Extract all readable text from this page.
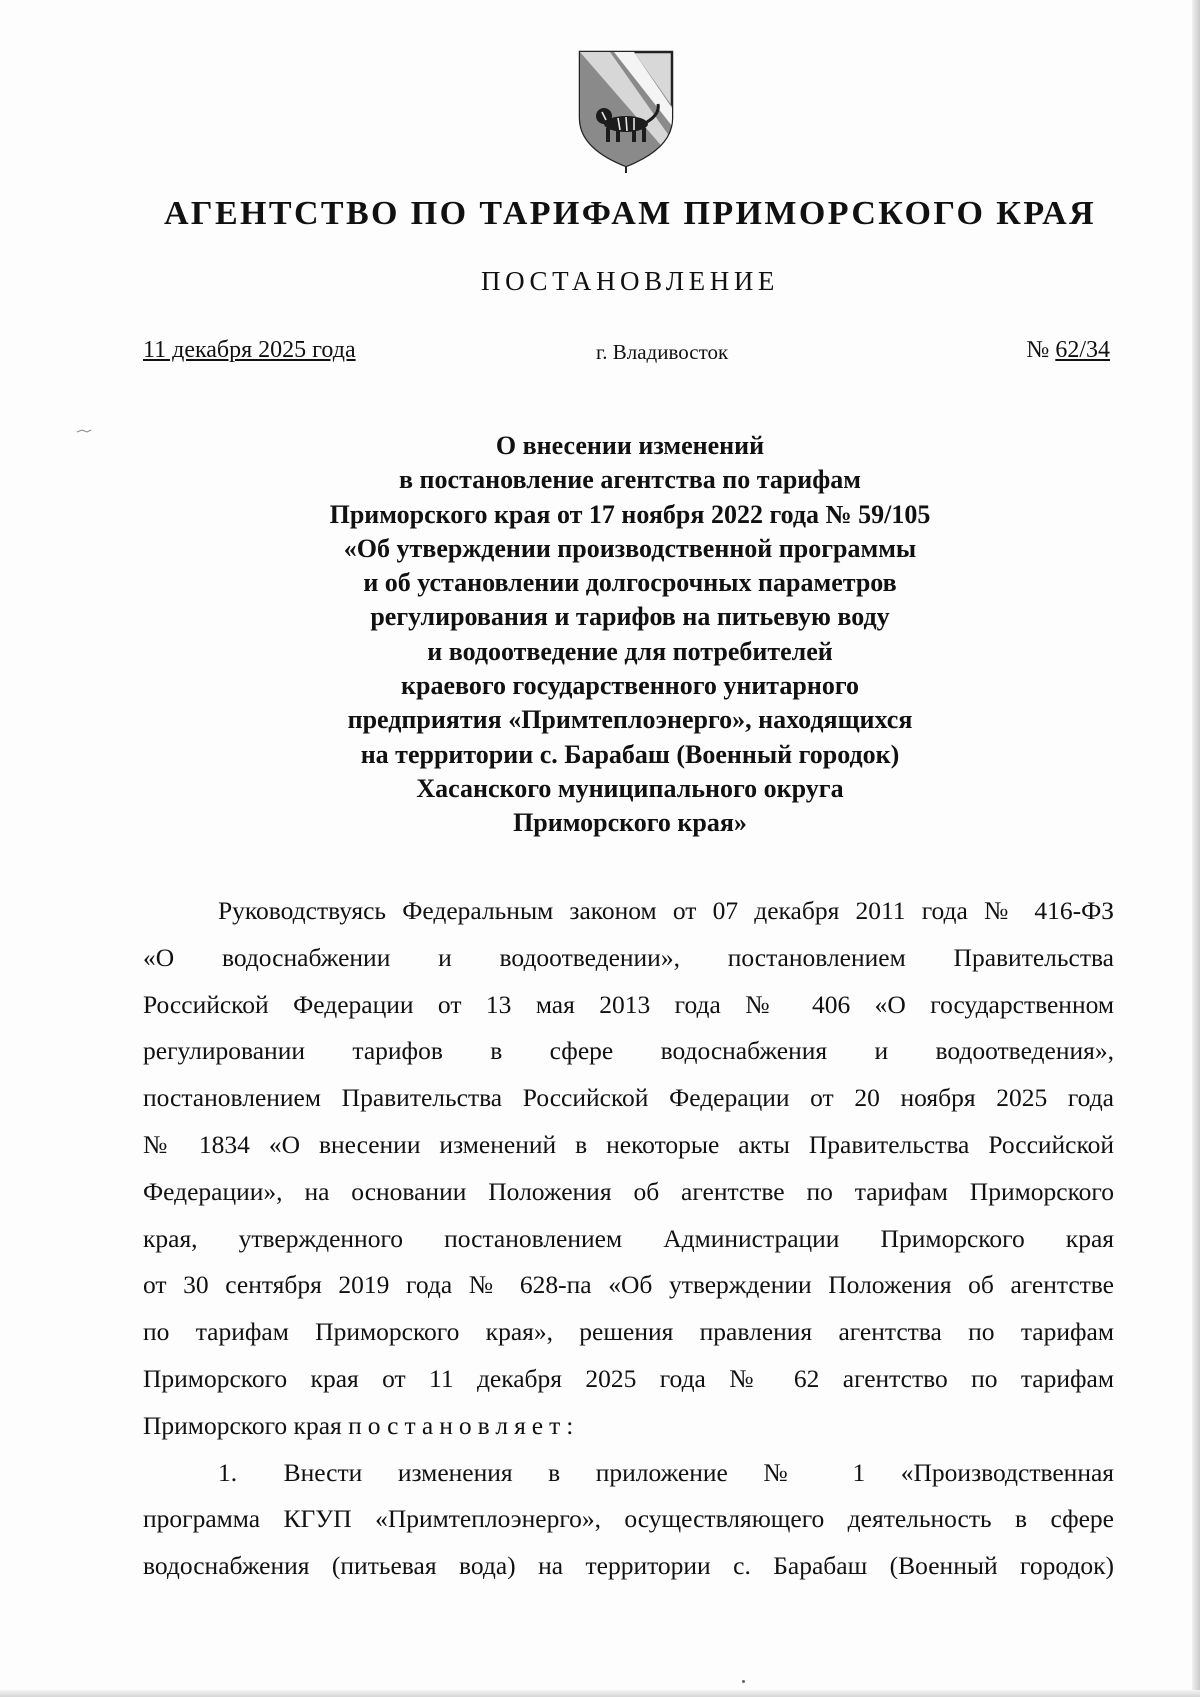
АГЕНТСТВО ПО ТАРИФАМ ПРИМОРСКОГО КРАЯ
ПОСТАНОВЛЕНИЕ
11 декабря 2025 года	г. Владивосток	№ 62/34
О внесении изменений
в постановление агентства по тарифам
Приморского края от 17 ноября 2022 года № 59/105
«Об утверждении производственной программы
и об установлении долгосрочных параметров
регулирования и тарифов на питьевую воду
и водоотведение для потребителей
краевого государственного унитарного
предприятия «Примтеплоэнерго», находящихся
на территории с. Барабаш (Военный городок)
Хасанского муниципального округа
Приморского края»

Руководствуясь Федеральным законом от 07 декабря 2011 года № 416-ФЗ
«О водоснабжении и водоотведении», постановлением Правительства
Российской Федерации от 13 мая 2013 года № 406 «О государственном
регулировании тарифов в сфере водоснабжения и водоотведения»,
постановлением Правительства Российской Федерации от 20 ноября 2025 года
№ 1834 «О внесении изменений в некоторые акты Правительства Российской
Федерации», на основании Положения об агентстве по тарифам Приморского
края, утвержденного постановлением Администрации Приморского края
от 30 сентября 2019 года № 628-па «Об утверждении Положения об агентстве
по тарифам Приморского края», решения правления агентства по тарифам
Приморского края от 11 декабря 2025 года № 62 агентство по тарифам
Приморского края постановляет:

1. Внести изменения в приложение № 1 «Производственная
программа КГУП «Примтеплоэнерго», осуществляющего деятельность в сфере
водоснабжения (питьевая вода) на территории с. Барабаш (Военный городок)
